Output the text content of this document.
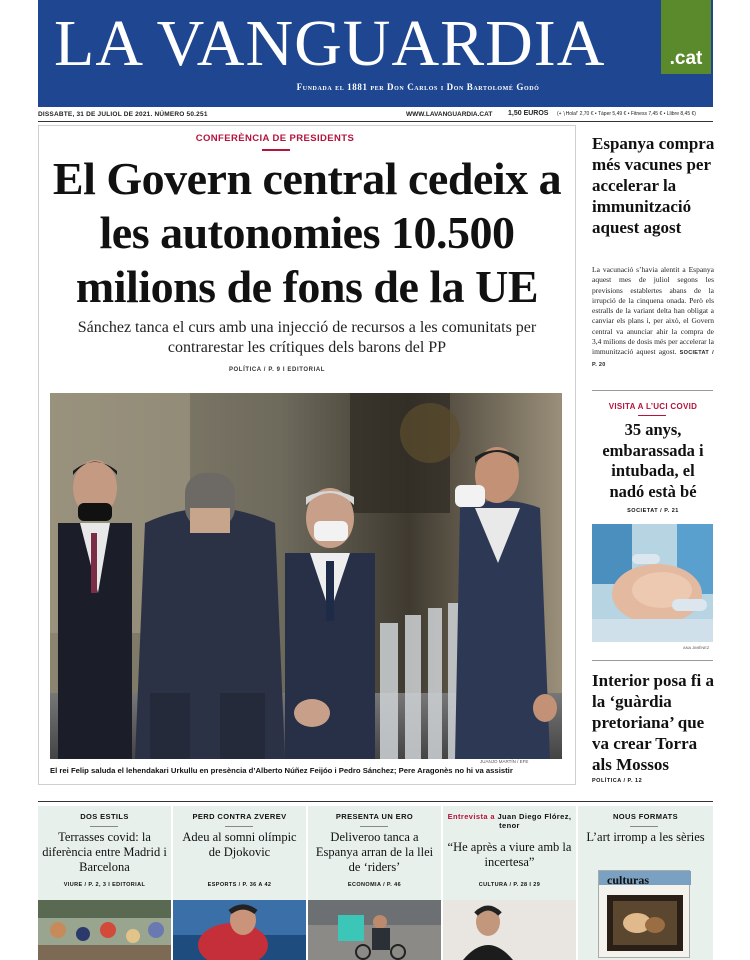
LA VANGUARDIA	.cat
Fundada el 1881 per Don Carlos i Don Bartolomé Godó
DISSABTE, 31 DE JULIOL DE 2021. NÚMERO 50.251	WWW.LAVANGUARDIA.CAT 1,50 EUROS (+ '¡Hola!' 2,70 € • Táper 5,49 € • Fitness 7,45 € • Llibre 8,45 €)
CONFERÈNCIA DE PRESIDENTS
El Govern central cedeix a les autonomies 10.500 milions de fons de la UE
Sánchez tanca el curs amb una injecció de recursos a les comunitats per contrarestar les crítiques dels barons del PP
POLÍTICA / P. 9 I EDITORIAL
JUANJO MARTÍN / EFE
El rei Felip saluda el lehendakari Urkullu en presència d’Alberto Núñez Feijóo i Pedro Sánchez; Pere Aragonès no hi va assistir
Espanya compra més vacunes per accelerar la immunització aquest agost
La vacunació s’havia alentit a Espanya aquest mes de juliol segons les previsions establertes abans de la irrupció de la cinquena onada. Però els estralls de la variant delta han obligat a canviar els plans i, per això, el Govern central va anunciar ahir la compra de 3,4 milions de dosis més per accelerar la immunització aquest agost. SOCIETAT / P. 20
VISITA A L’UCI COVID
35 anys, embarassada i intubada, el nadó està bé
SOCIETAT / P. 21
ANA JIMÉNEZ
Interior posa fi a la ‘guàrdia pretoriana’ que va crear Torra als Mossos
POLÍTICA / P. 12
DOS ESTILS
Terrasses covid: la diferència entre Madrid i Barcelona
VIURE / P. 2, 3 I EDITORIAL
PERD CONTRA ZVEREV
Adeu al somni olímpic de Djokovic
ESPORTS / P. 36 A 42
PRESENTA UN ERO
Deliveroo tanca a Espanya arran de la llei de ‘riders’
ECONOMIA / P. 46
Entrevista a Juan Diego Flórez, tenor
“He après a viure amb la incertesa”
CULTURA / P. 28 I 29
NOUS FORMATS
L’art irromp a les sèries
culturas
